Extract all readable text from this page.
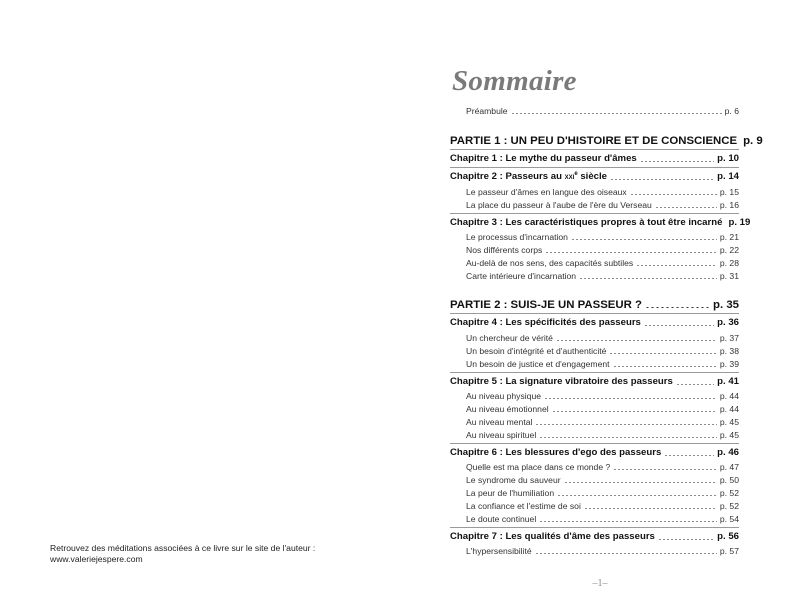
Retrouvez des méditations associées à ce livre sur le site de l'auteur :
www.valeriejespere.com
Sommaire
Préambule	p. 6
PARTIE 1 : UN PEU D'HISTOIRE ET DE CONSCIENCE p. 9
Chapitre 1 : Le mythe du passeur d'âmes	p. 10
Chapitre 2 : Passeurs au xxi$^e$ siècle	p. 14
Le passeur d'âmes en langue des oiseaux	p. 15
La place du passeur à l'aube de l'ère du Verseau	p. 16
Chapitre 3 : Les caractéristiques propres à tout être incarné p. 19
Le processus d'incarnation	p. 21
Nos différents corps	p. 22
Au-delà de nos sens, des capacités subtiles	p. 28
Carte intérieure d'incarnation	p. 31
PARTIE 2 : SUIS-JE UN PASSEUR ?	p. 35
Chapitre 4 : Les spécificités des passeurs	p. 36
Un chercheur de vérité	p. 37
Un besoin d'intégrité et d'authenticité	p. 38
Un besoin de justice et d'engagement	p. 39
Chapitre 5 : La signature vibratoire des passeurs	p. 41
Au niveau physique	p. 44
Au niveau émotionnel	p. 44
Au niveau mental	p. 45
Au niveau spirituel	p. 45
Chapitre 6 : Les blessures d'ego des passeurs	p. 46
Quelle est ma place dans ce monde ?	p. 47
Le syndrome du sauveur	p. 50
La peur de l'humiliation	p. 52
La confiance et l'estime de soi	p. 52
Le doute continuel	p. 54
Chapitre 7 : Les qualités d'âme des passeurs	p. 56
L'hypersensibilité	p. 57
–1–
